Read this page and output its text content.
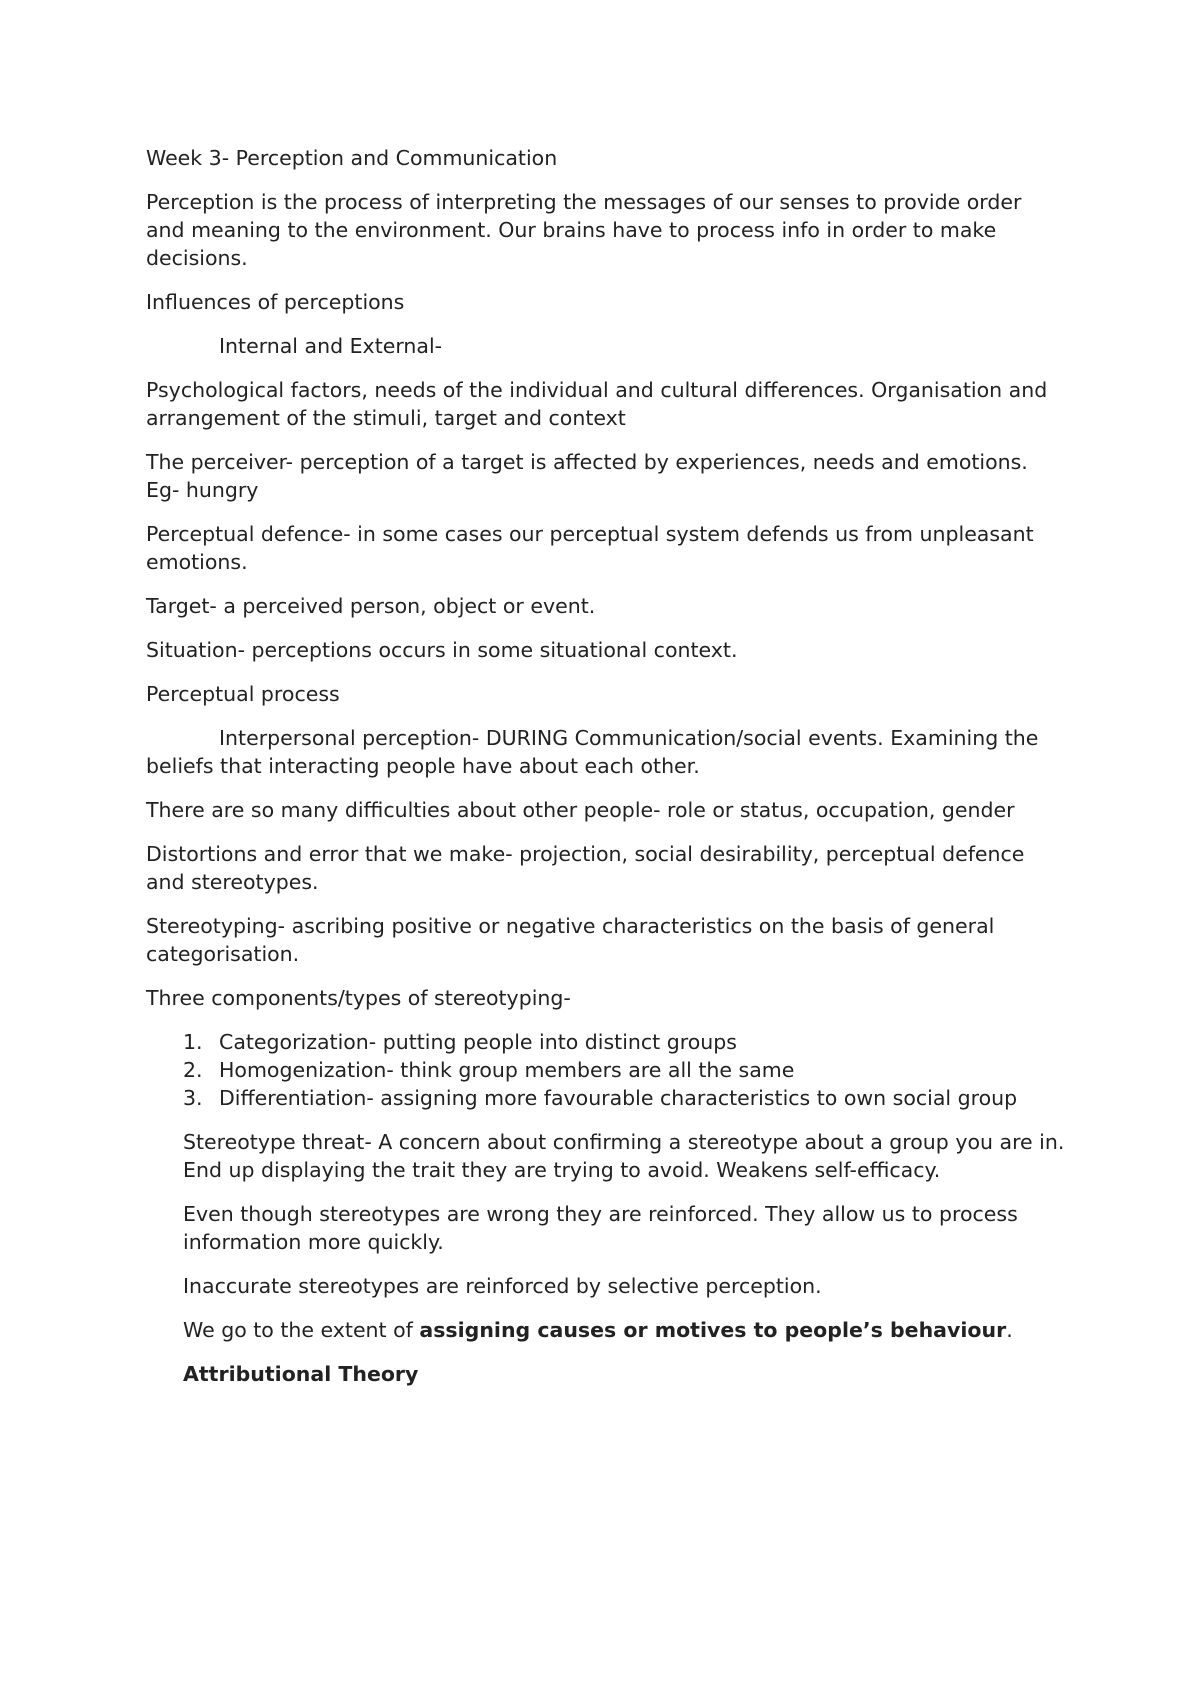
Week 3- Perception and Communication

Perception is the process of interpreting the messages of our senses to provide order and meaning to the environment. Our brains have to process info in order to make decisions.

Influences of perceptions

Internal and External-

Psychological factors, needs of the individual and cultural differences. Organisation and arrangement of the stimuli, target and context

The perceiver- perception of a target is affected by experiences, needs and emotions. Eg- hungry

Perceptual defence- in some cases our perceptual system defends us from unpleasant emotions.

Target- a perceived person, object or event.

Situation- perceptions occurs in some situational context.

Perceptual process

Interpersonal perception- DURING Communication/social events. Examining the beliefs that interacting people have about each other.

There are so many difficulties about other people- role or status, occupation, gender

Distortions and error that we make- projection, social desirability, perceptual defence and stereotypes.

Stereotyping- ascribing positive or negative characteristics on the basis of general categorisation.

Three components/types of stereotyping-

1. Categorization- putting people into distinct groups
2. Homogenization- think group members are all the same
3. Differentiation- assigning more favourable characteristics to own social group

Stereotype threat- A concern about confirming a stereotype about a group you are in. End up displaying the trait they are trying to avoid. Weakens self-efficacy.

Even though stereotypes are wrong they are reinforced. They allow us to process information more quickly.

Inaccurate stereotypes are reinforced by selective perception.

We go to the extent of assigning causes or motives to people’s behaviour.

Attributional Theory
